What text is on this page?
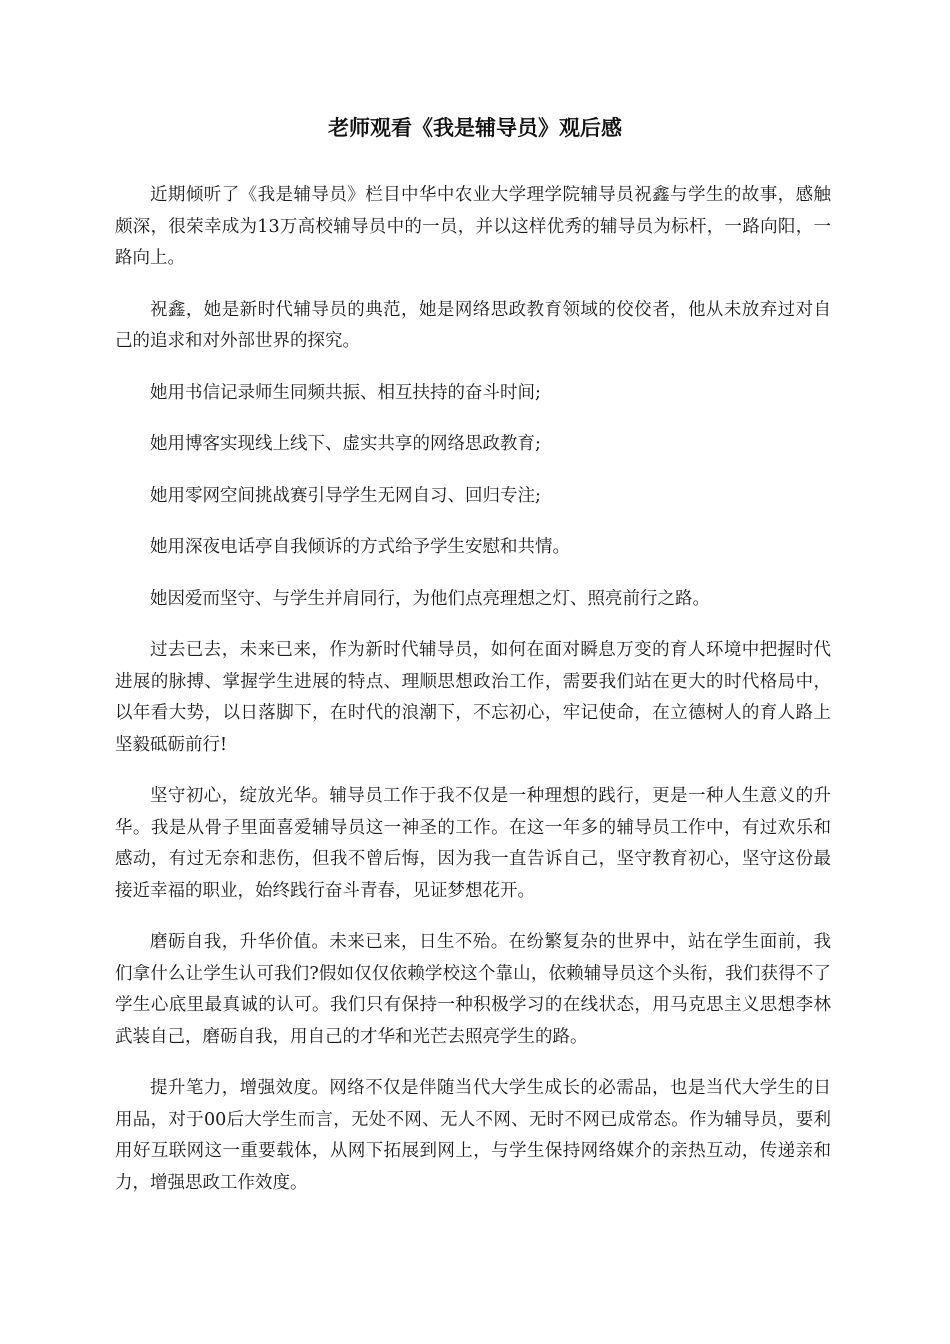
老师观看《我是辅导员》观后感

近期倾听了《我是辅导员》栏目中华中农业大学理学院辅导员祝鑫与学生的故事，感触颇深，很荣幸成为13万高校辅导员中的一员，并以这样优秀的辅导员为标杆，一路向阳，一路向上。

祝鑫，她是新时代辅导员的典范，她是网络思政教育领域的佼佼者，他从未放弃过对自己的追求和对外部世界的探究。

她用书信记录师生同频共振、相互扶持的奋斗时间;

她用博客实现线上线下、虚实共享的网络思政教育;

她用零网空间挑战赛引导学生无网自习、回归专注;

她用深夜电话亭自我倾诉的方式给予学生安慰和共情。

她因爱而坚守、与学生并肩同行，为他们点亮理想之灯、照亮前行之路。

过去已去，未来已来，作为新时代辅导员，如何在面对瞬息万变的育人环境中把握时代进展的脉搏、掌握学生进展的特点、理顺思想政治工作，需要我们站在更大的时代格局中，以年看大势，以日落脚下，在时代的浪潮下，不忘初心，牢记使命，在立德树人的育人路上坚毅砥砺前行!

坚守初心，绽放光华。辅导员工作于我不仅是一种理想的践行，更是一种人生意义的升华。我是从骨子里面喜爱辅导员这一神圣的工作。在这一年多的辅导员工作中，有过欢乐和感动，有过无奈和悲伤，但我不曾后悔，因为我一直告诉自己，坚守教育初心，坚守这份最接近幸福的职业，始终践行奋斗青春，见证梦想花开。

磨砺自我，升华价值。未来已来，日生不殆。在纷繁复杂的世界中，站在学生面前，我们拿什么让学生认可我们?假如仅仅依赖学校这个靠山，依赖辅导员这个头衔，我们获得不了学生心底里最真诚的认可。我们只有保持一种积极学习的在线状态，用马克思主义思想李林武装自己，磨砺自我，用自己的才华和光芒去照亮学生的路。

提升笔力，增强效度。网络不仅是伴随当代大学生成长的必需品，也是当代大学生的日用品，对于00后大学生而言，无处不网、无人不网、无时不网已成常态。作为辅导员，要利用好互联网这一重要载体，从网下拓展到网上，与学生保持网络媒介的亲热互动，传递亲和力，增强思政工作效度。
